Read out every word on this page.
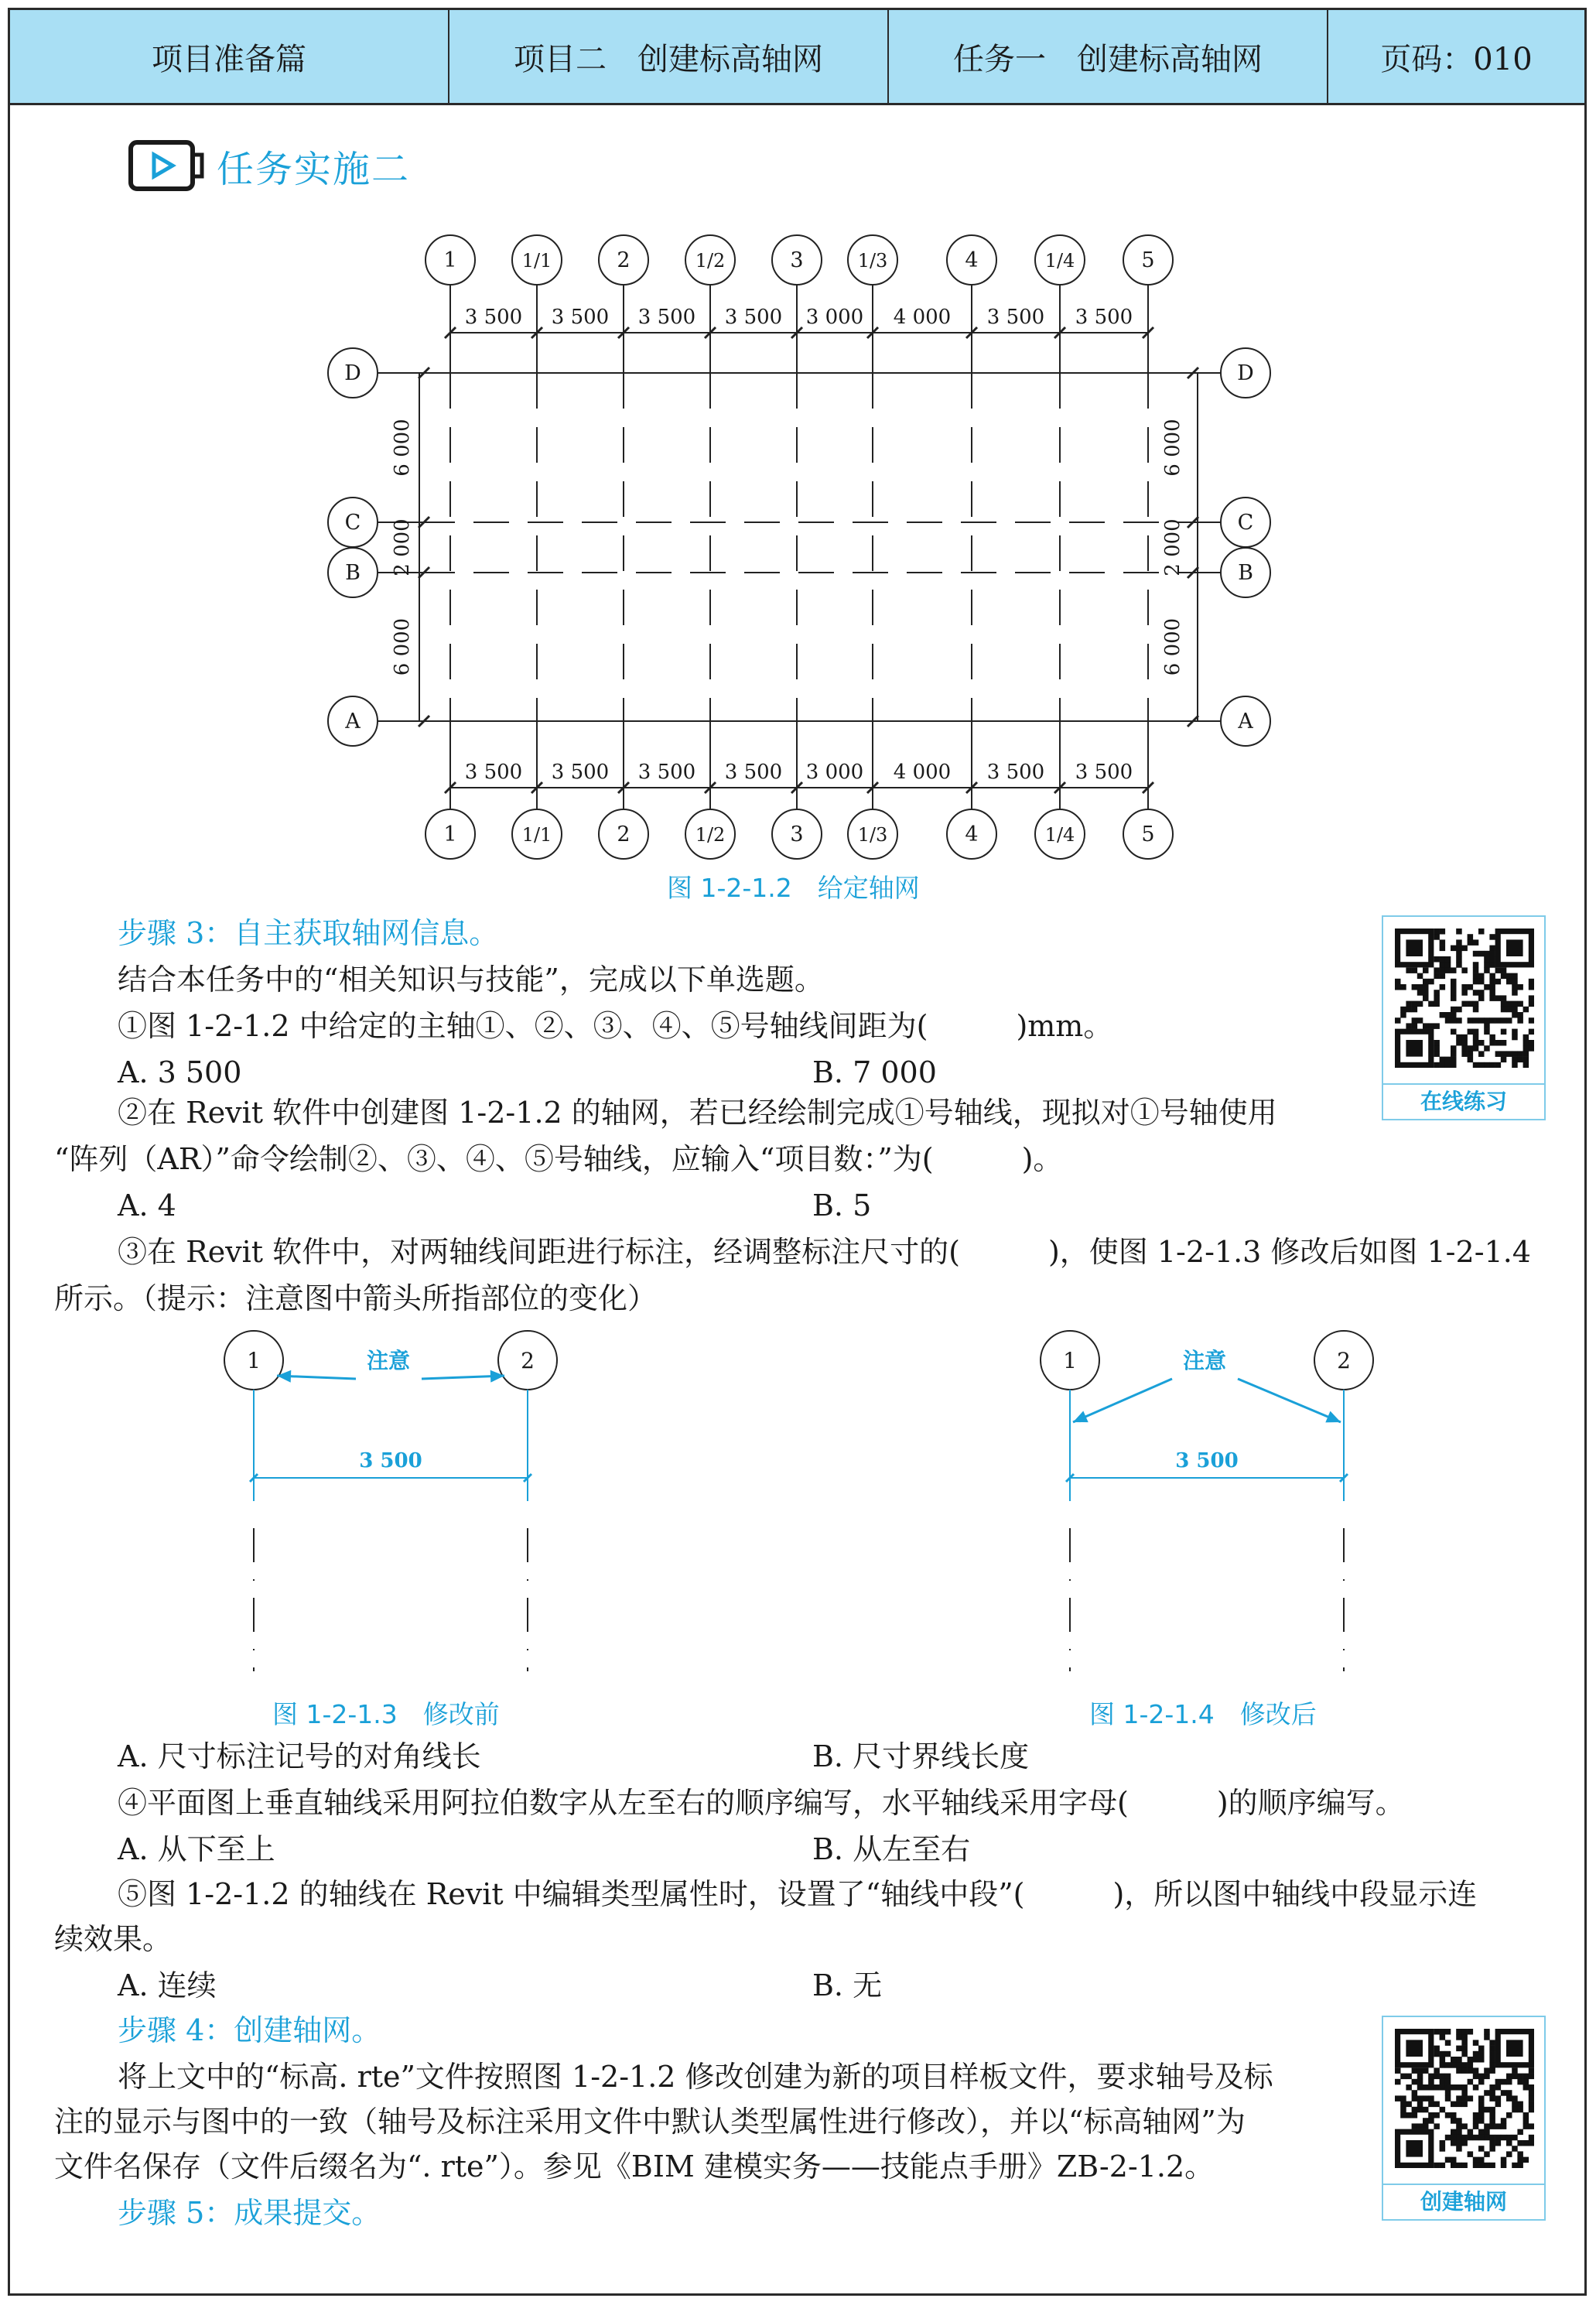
项目准备篇	项目二　创建标高轴网	任务一　创建标高轴网	页码：010
任务实施二
3 500 3 500 3 500 3 500 3 000 4 000 3 500 3 500
3 500 3 500 3 500 3 500 3 000 4 000 3 500 3 500
1	1/1	2	1/2	3	1/3	4	1/4	5
1	1/1	2	1/2	3	1/3	4	1/4	5
D	D
C	C
B	B
A	A
6 000
2 000
6 000
6 000
2 000
6 000
图 1-2-1.2　给定轴网
在线练习
步骤 3：自主获取轴网信息。
结合本任务中的“相关知识与技能”，完成以下单选题。
①图 1-2-1.2 中给定的主轴①、②、③、④、⑤号轴线间距为(　　　)mm。
A. 3 500	B. 7 000
②在 Revit 软件中创建图 1-2-1.2 的轴网，若已经绘制完成①号轴线，现拟对①号轴使用
“阵列（AR）”命令绘制②、③、④、⑤号轴线，应输入“项目数：”为(　　　)。
A. 4	B. 5
③在 Revit 软件中，对两轴线间距进行标注，经调整标注尺寸的(　　　)，使图 1-2-1.3 修改后如图 1-2-1.4
所示。（提示：注意图中箭头所指部位的变化）
1	2
3 500
注意	1	2
3 500
注意
图 1-2-1.3　修改前	图 1-2-1.4　修改后
A. 尺寸标注记号的对角线长	B. 尺寸界线长度
④平面图上垂直轴线采用阿拉伯数字从左至右的顺序编写，水平轴线采用字母(　　　)的顺序编写。
A. 从下至上	B. 从左至右
⑤图 1-2-1.2 的轴线在 Revit 中编辑类型属性时，设置了“轴线中段”(　　　)，所以图中轴线中段显示连
续效果。
A. 连续	B. 无
步骤 4：创建轴网。
将上文中的“标高. rte”文件按照图 1-2-1.2 修改创建为新的项目样板文件，要求轴号及标
注的显示与图中的一致（轴号及标注采用文件中默认类型属性进行修改），并以“标高轴网”为
文件名保存（文件后缀名为“. rte”）。参见《BIM 建模实务——技能点手册》ZB-2-1.2。
步骤 5：成果提交。	创建轴网
